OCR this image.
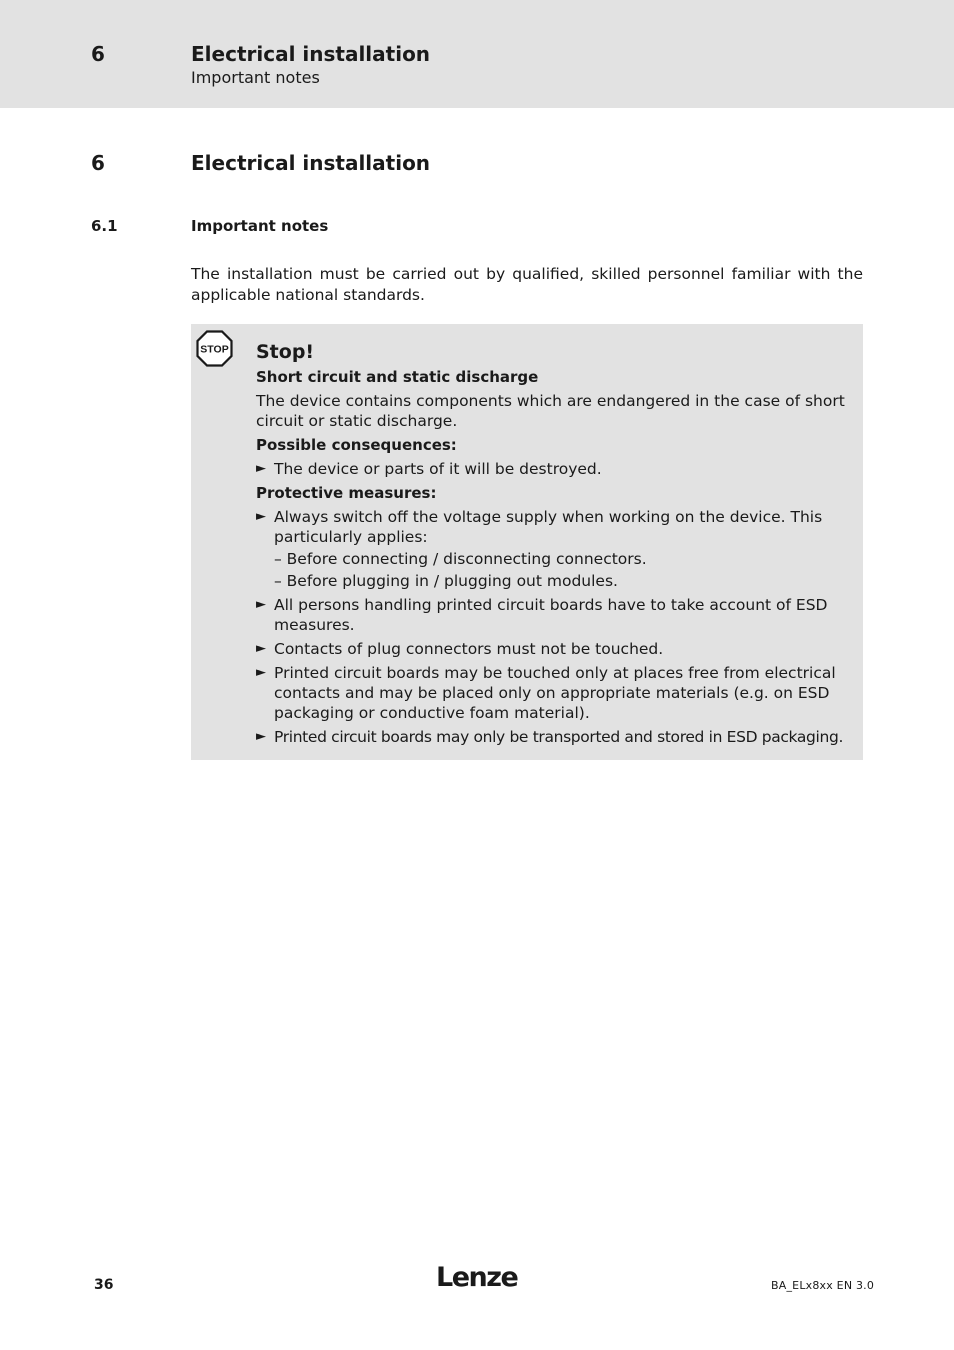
6	Electrical installation
Important notes
6	Electrical installation
6.1	Important notes
The installation must be carried out by qualified, skilled personnel familiar with the applicable national standards.
STOP Stop!
Short circuit and static discharge
The device contains components which are endangered in the case of short circuit or static discharge.
Possible consequences:
► The device or parts of it will be destroyed.
Protective measures:
► Always switch off the voltage supply when working on the device. This particularly applies:
– Before connecting / disconnecting connectors.
– Before plugging in / plugging out modules.
► All persons handling printed circuit boards have to take account of ESD measures.
► Contacts of plug connectors must not be touched.
► Printed circuit boards may be touched only at places free from electrical contacts and may be placed only on appropriate materials (e.g. on ESD packaging or conductive foam material).
► Printed circuit boards may only be transported and stored in ESD packaging.
36	Lenze	BA_ELx8xx EN 3.0
